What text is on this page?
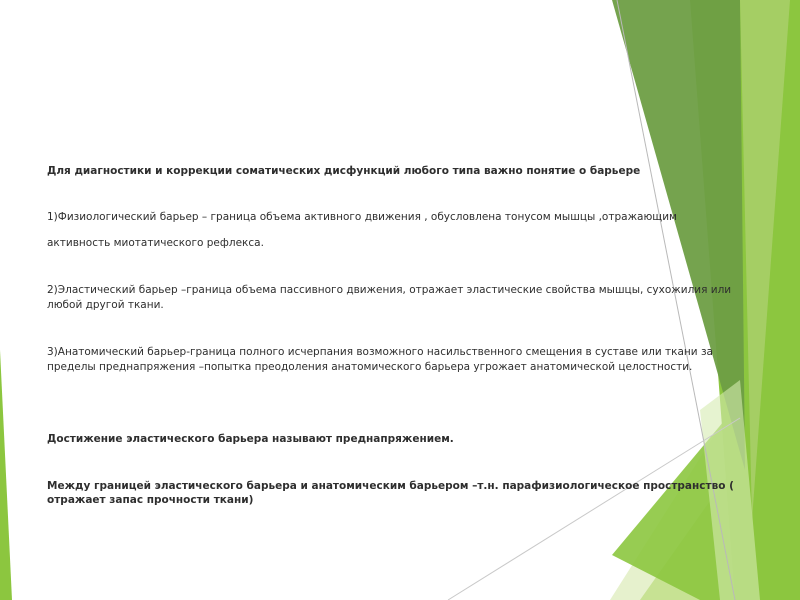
Для диагностики и коррекции соматических дисфункций любого типа важно понятие о барьере
1)Физиологический барьер – граница объема активного движения , обусловлена тонусом мышцы ,отражающим
активность миотатического рефлекса.
2)Эластический барьер –граница объема пассивного движения, отражает эластические свойства мышцы, сухожилия или
любой другой ткани.
3)Анатомический барьер-граница полного исчерпания возможного насильственного смещения в суставе или ткани за
пределы преднапряжения –попытка преодоления анатомического барьера угрожает анатомической целостности.
Достижение эластического барьера называют преднапряжением.
Между границей эластического барьера и анатомическим барьером –т.н. парафизиологическое пространство (
отражает запас прочности ткани)
